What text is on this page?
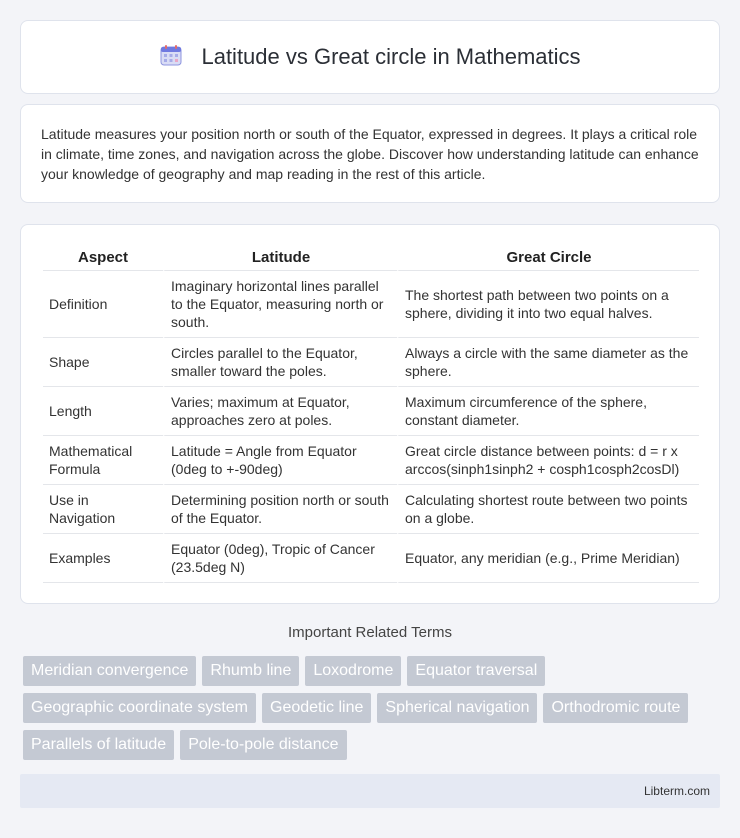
Latitude vs Great circle in Mathematics

Latitude measures your position north or south of the Equator, expressed in degrees. It plays a critical role in climate, time zones, and navigation across the globe. Discover how understanding latitude can enhance your knowledge of geography and map reading in the rest of this article.

Aspect	Latitude	Great Circle
Definition	Imaginary horizontal lines parallel to the Equator, measuring north or south.	The shortest path between two points on a sphere, dividing it into two equal halves.
Shape	Circles parallel to the Equator, smaller toward the poles.	Always a circle with the same diameter as the sphere.
Length	Varies; maximum at Equator, approaches zero at poles.	Maximum circumference of the sphere, constant diameter.
Mathematical Formula	Latitude = Angle from Equator (0deg to +-90deg)	Great circle distance between points: d = r x arccos(sinph1sinph2 + cosph1cosph2cosDl)
Use in Navigation	Determining position north or south of the Equator.	Calculating shortest route between two points on a globe.
Examples	Equator (0deg), Tropic of Cancer (23.5deg N)	Equator, any meridian (e.g., Prime Meridian)
Important Related Terms
Meridian convergence	Rhumb line	Loxodrome	Equator traversal
Geographic coordinate system	Geodetic line	Spherical navigation	Orthodromic route
Parallels of latitude	Pole-to-pole distance
Libterm.com
